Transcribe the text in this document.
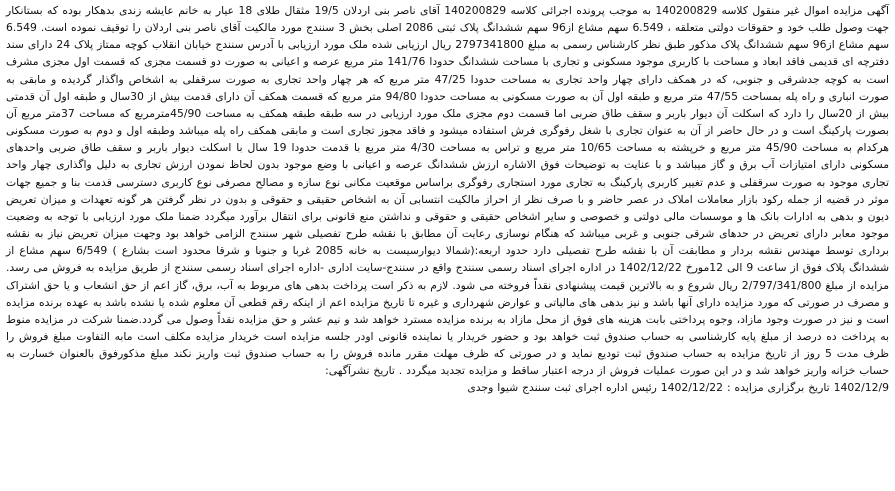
آگهی مزایده اموال غیر منقول کلاسه 140200829 به موجب پرونده اجرائی کلاسه 140200829 آقای ناصر بنی اردلان 19/5 مثقال طلای 18 عیار به خانم عایشه زندی بدهکار بوده که بستانکار جهت وصول طلب خود و حقوقات دولتی متعلقه ، 6.549 سهم مشاع از96 سهم ششدانگ پلاک ثبتی 2086 اصلی بخش 3 سنندج مورد مالکیت آقای ناصر بنی اردلان را توقیف نموده است. 6.549 سهم مشاع از96 سهم ششدانگ پلاک مذکور طبق نظر کارشناس رسمی به مبلغ 2797341800 ریال ارزیابی شده ملک مورد ارزیابی با آدرس سنندج خیابان انقلاب کوچه ممتاز پلاک 24 دارای سند دفترچه ای قدیمی فاقد ابعاد و مساحت با کاربری موجود مسکونی و تجاری با مساحت ششدانگ حدودا 141/76 متر مربع عرصه و اعیانی به صورت دو قسمت مجزی که قسمت اول مجزی مشرف است به کوچه جدشرقی و جنوبی، که در همکف دارای چهار واحد تجاری به مساحت حدودا 47/25 متر مربع که هر چهار واحد تجاری به صورت سرقفلی به اشخاص واگذار گردیده و مابقی به صورت انباری و راه پله بمساحت 47/55 متر مربع و طبقه اول آن به صورت مسکونی به مساحت حدودا 94/80 متر مربع که قسمت همکف آن دارای قدمت بیش از 30سال و طبقه اول آن قدمتی بیش از 20سال را دارد که اسکلت آن دیوار باربر و سقف طاق ضربی اما قسمت دوم مجزی ملک مورد ارزیابی در سه طبقه طبقه همکف به مساحت 45/90مترمربع که مساحت 37متر مربع آن بصورت پارکینگ است و در حال حاضر از آن به عنوان تجاری با شغل رفوگری فرش استفاده میشود و فاقد مجوز تجاری است و مابقی همکف راه پله میباشد وطبقه اول و دوم به صورت مسکونی هرکدام به مساحت 45/90 متر مربع و خرپشته به مساحت 10/65 متر مربع و تراس به مساحت 4/30 متر مربع با قدمت حدودا 19 سال با اسکلت دیوار باربر و سقف طاق ضربی واحدهای مسکونی دارای امتیازات آب برق و گاز میباشد و با عنایت به توضیحات فوق الاشاره ارزش ششدانگ عرصه و اعیانی با وضع موجود بدون لحاظ نمودن ارزش تجاری به دلیل واگذاری چهار واحد تجاری موجود به صورت سرقفلی و عدم تغییر کاربری پارکینگ به تجاری مورد استجاری رفوگری براساس موقعیت مکانی نوع سازه و مصالح مصرفی نوع کاربری دسترسی قدمت بنا و جمیع جهات موثر در قضیه از جمله رکود بازار معاملات املاک در عصر حاضر و با صرف نظر از احراز مالکیت انتسابی آن به اشخاص حقیقی و حقوقی و بدون در نظر گرفتن هر گونه تعهدات و میزان تعریض دیون و بدهی به ادارات بانک ها و موسسات مالی دولتی و خصوصی و سایر اشخاص حقیقی و حقوقی و نداشتن منع قانونی برای انتقال برآورد میگردد ضمنا ملک مورد ارزیابی با توجه به وضعیت موجود معابر دارای تعریض در حدهای شرقی جنوبی و غربی میباشد که هنگام نوسازی رعایت آن مطابق با نقشه طرح تفصیلی شهر سنندج الزامی خواهد بود وجهت میزان تعریض نیاز به نقشه برداری توسط مهندس نقشه بردار و مطابقت آن با نقشه طرح تفصیلی دارد حدود اربعه:(شمالا دیوارسیست به خانه 2085 غربا و جنوبا و شرقا محدود است بشارع ) 6/549 سهم مشاع از ششدانگ پلاک فوق از ساعت 9 الی 12مورخ 1402/12/22 در اداره اجرای اسناد رسمی سنندج واقع در سنندج-سایت اداری -اداره اجرای اسناد رسمی سنندج از طریق مزایده به فروش می رسد. مزایده از مبلغ 2/797/341/800 ریال شروع و به بالاترین قیمت پیشنهادی نقداً فروخته می شود. لازم به ذکر است پرداخت بدهی های مربوط به آب، برق، گاز اعم از حق انشعاب و یا حق اشتراک و مصرف در صورتی که مورد مزایده دارای آنها باشد و نیز بدهی های مالیاتی و عوارض شهرداری و غیره تا تاریخ مزایده اعم از اینکه رقم قطعی آن معلوم شده یا نشده باشد به عهده برنده مزایده است و نیز در صورت وجود مازاد، وجوه پرداختی بابت هزینه های فوق از محل مازاد به برنده مزایده مسترد خواهد شد و نیم عشر و حق مزایده نقداً وصول می گردد.ضمنا شرکت در مزایده منوط به پرداخت ده درصد از مبلغ پایه کارشناسی به حساب صندوق ثبت خواهد بود و حضور خریدار یا نماینده قانونی اودر جلسه مزایده است خریدار مزایده مکلف است مابه التفاوت مبلغ فروش را ظرف مدت 5 روز از تاریخ مزایده به حساب صندوق ثبت تودیع نماید و در صورتی که ظرف مهلت مقرر مانده فروش را به حساب صندوق ثبت واریز نکند مبلغ مذکورفوق بالعنوان خسارت به حساب خزانه واریز خواهد شد و در این صورت عملیات فروش از درجه اعتبار ساقط و مزایده تجدید میگردد . تاریخ نشرآگهی:

1402/12/9 تاریخ برگزاری مزایده : 1402/12/22 رئیس اداره اجرای ثبت سنندج شیوا وجدی
